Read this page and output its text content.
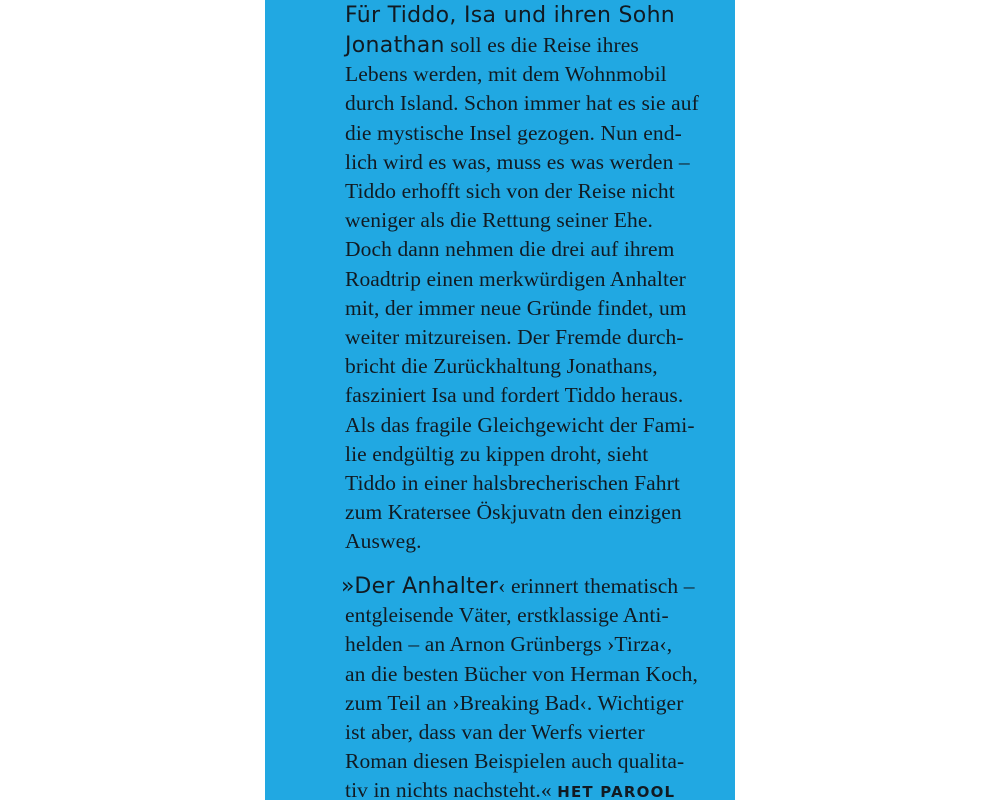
Für Tiddo, Isa und ihren Sohn
Jonathan soll es die Reise ihres
Lebens werden, mit dem Wohnmobil
durch Island. Schon immer hat es sie auf
die mystische Insel gezogen. Nun end-
lich wird es was, muss es was werden –
Tiddo erhofft sich von der Reise nicht
weniger als die Rettung seiner Ehe.
Doch dann nehmen die drei auf ihrem
Roadtrip einen merkwürdigen Anhalter
mit, der immer neue Gründe findet, um
weiter mitzureisen. Der Fremde durch-
bricht die Zurückhaltung Jonathans,
fasziniert Isa und fordert Tiddo heraus.
Als das fragile Gleichgewicht der Fami-
lie endgültig zu kippen droht, sieht
Tiddo in einer halsbrecherischen Fahrt
zum Kratersee Öskjuvatn den einzigen
Ausweg.
»Der Anhalter‹ erinnert thematisch –
entgleisende Väter, erstklassige Anti-
helden – an Arnon Grünbergs ›Tirza‹,
an die besten Bücher von Herman Koch,
zum Teil an ›Breaking Bad‹. Wichtiger
ist aber, dass van der Werfs vierter
Roman diesen Beispielen auch qualita-
tiv in nichts nachsteht.« HET PAROOL
